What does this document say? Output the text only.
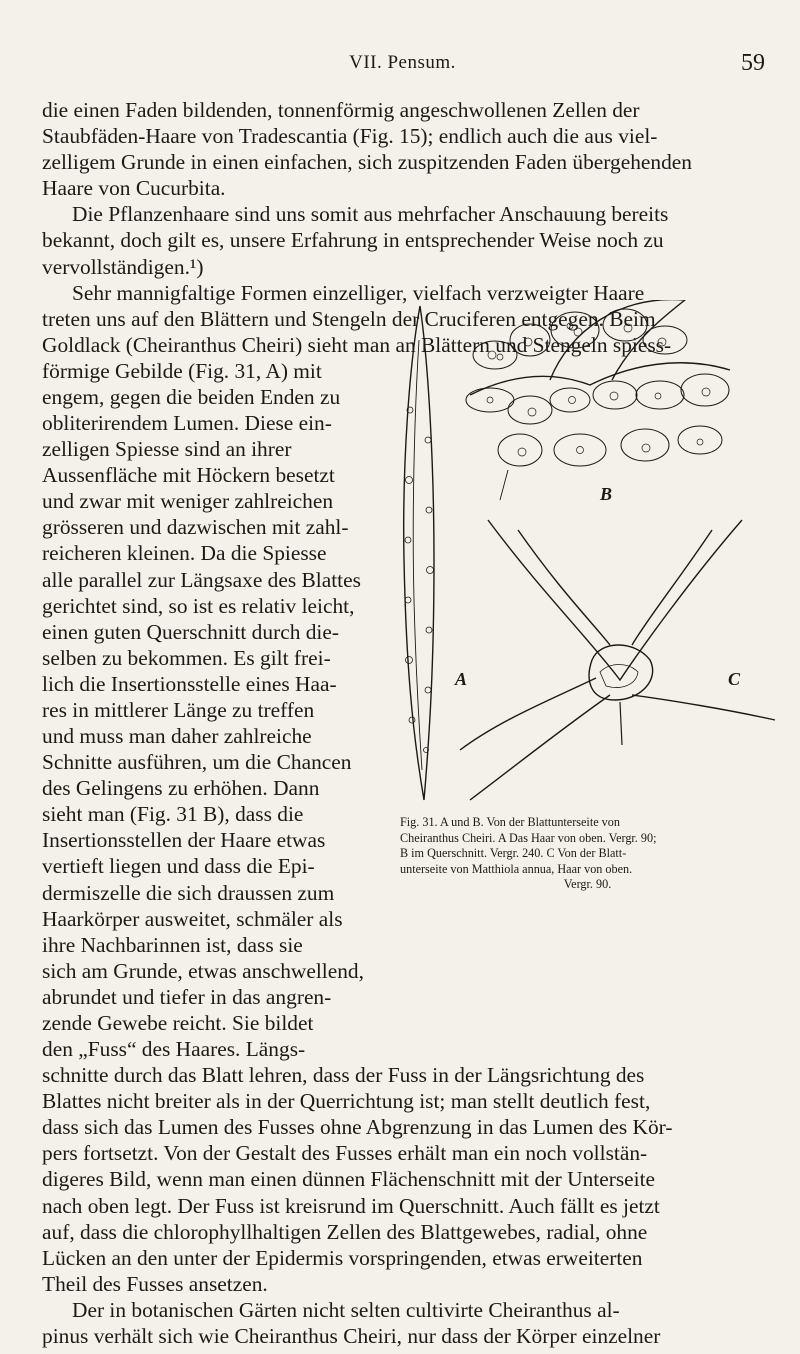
VII. Pensum.	59
die einen Faden bildenden, tonnenförmig angeschwollenen Zellen der
Staubfäden-Haare von Tradescantia (Fig. 15); endlich auch die aus viel-
zelligem Grunde in einen einfachen, sich zuspitzenden Faden übergehenden
Haare von Cucurbita.
Die Pflanzenhaare sind uns somit aus mehrfacher Anschauung bereits
bekannt, doch gilt es, unsere Erfahrung in entsprechender Weise noch zu
vervollständigen.¹)
Sehr mannigfaltige Formen einzelliger, vielfach verzweigter Haare
treten uns auf den Blättern und Stengeln der Cruciferen entgegen. Beim
Goldlack (Cheiranthus Cheiri) sieht man an Blättern und Stengeln spiess-
förmige Gebilde (Fig. 31, A) mit
engem, gegen die beiden Enden zu
obliterirendem Lumen. Diese ein-
zelligen Spiesse sind an ihrer
Aussenfläche mit Höckern besetzt
und zwar mit weniger zahlreichen
grösseren und dazwischen mit zahl-
reicheren kleinen. Da die Spiesse
alle parallel zur Längsaxe des Blattes
gerichtet sind, so ist es relativ leicht,
einen guten Querschnitt durch die-
selben zu bekommen. Es gilt frei-
lich die Insertionsstelle eines Haa-
res in mittlerer Länge zu treffen
und muss man daher zahlreiche
Schnitte ausführen, um die Chancen
des Gelingens zu erhöhen. Dann
sieht man (Fig. 31 B), dass die
Insertionsstellen der Haare etwas
vertieft liegen und dass die Epi-
dermiszelle die sich draussen zum
Haarkörper ausweitet, schmäler als
ihre Nachbarinnen ist, dass sie
sich am Grunde, etwas anschwellend,
abrundet und tiefer in das angren-
zende Gewebe reicht. Sie bildet
den „Fuss“ des Haares. Längs-
schnitte durch das Blatt lehren, dass der Fuss in der Längsrichtung des
Blattes nicht breiter als in der Querrichtung ist; man stellt deutlich fest,
dass sich das Lumen des Fusses ohne Abgrenzung in das Lumen des Kör-
pers fortsetzt. Von der Gestalt des Fusses erhält man ein noch vollstän-
digeres Bild, wenn man einen dünnen Flächenschnitt mit der Unterseite
nach oben legt. Der Fuss ist kreisrund im Querschnitt. Auch fällt es jetzt
auf, dass die chlorophyllhaltigen Zellen des Blattgewebes, radial, ohne
Lücken an den unter der Epidermis vorspringenden, etwas erweiterten
Theil des Fusses ansetzen.
Der in botanischen Gärten nicht selten cultivirte Cheiranthus al-
pinus verhält sich wie Cheiranthus Cheiri, nur dass der Körper einzelner
B
A	C
Fig. 31. A und B. Von der Blattunterseite von
Cheiranthus Cheiri. A Das Haar von oben. Vergr. 90;
B im Querschnitt. Vergr. 240. C Von der Blatt-
unterseite von Matthiola annua, Haar von oben.
Vergr. 90.
